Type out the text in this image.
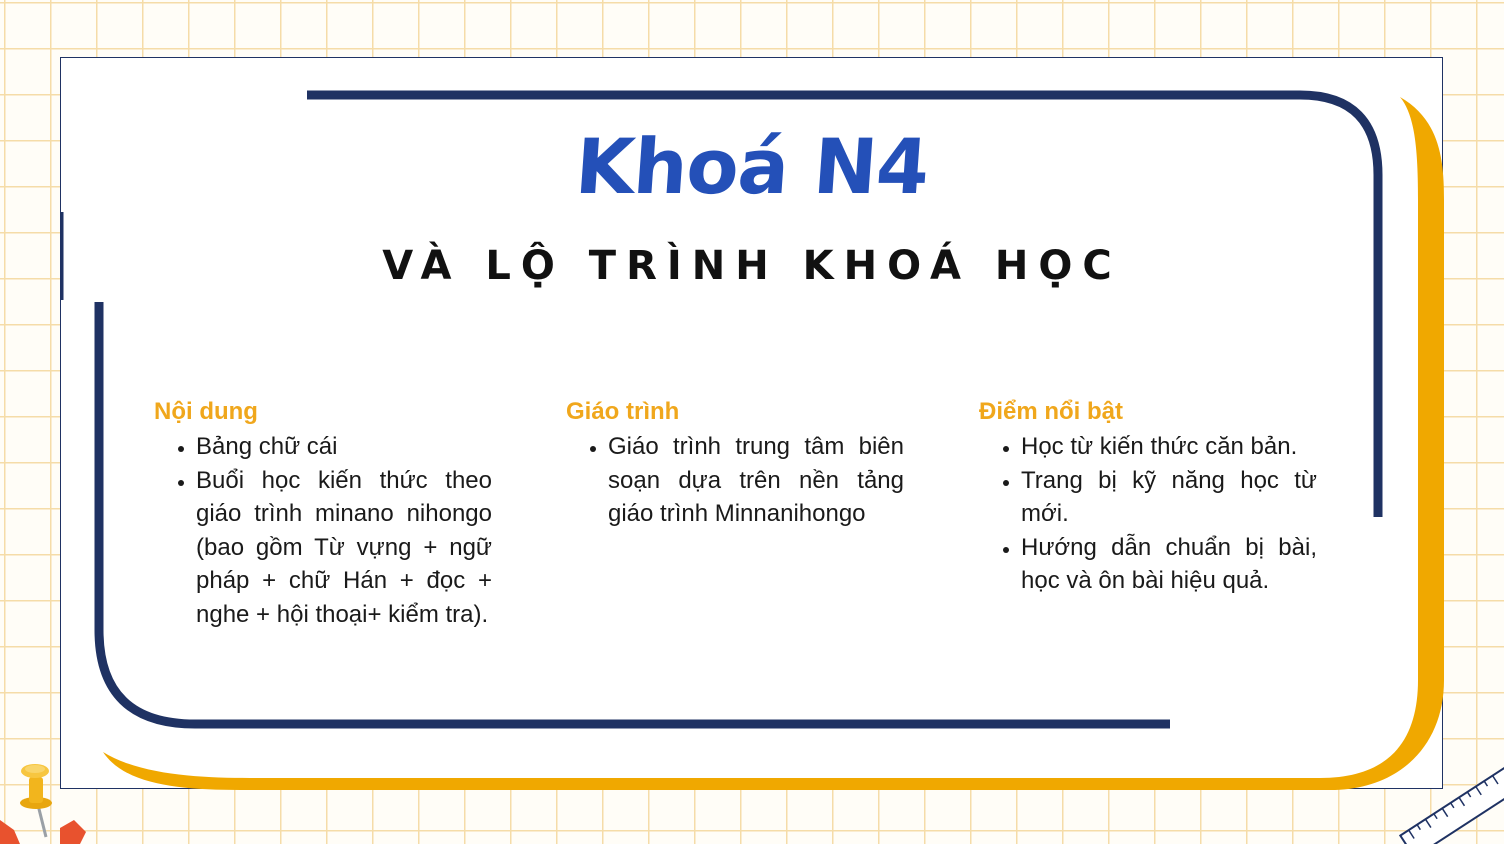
Khoá N4
VÀ LỘ TRÌNH KHOÁ HỌC
Nội dung
• Bảng chữ cái
• Buổi học kiến thức theo giáo trình minano nihongo (bao gồm Từ vựng + ngữ pháp + chữ Hán + đọc + nghe + hội thoại+ kiểm tra).
Giáo trình
• Giáo trình trung tâm biên soạn dựa trên nền tảng giáo trình Minnanihongo
Điểm nổi bật
• Học từ kiến thức căn bản.
• Trang bị kỹ năng học từ mới.
• Hướng dẫn chuẩn bị bài, học và ôn bài hiệu quả.
